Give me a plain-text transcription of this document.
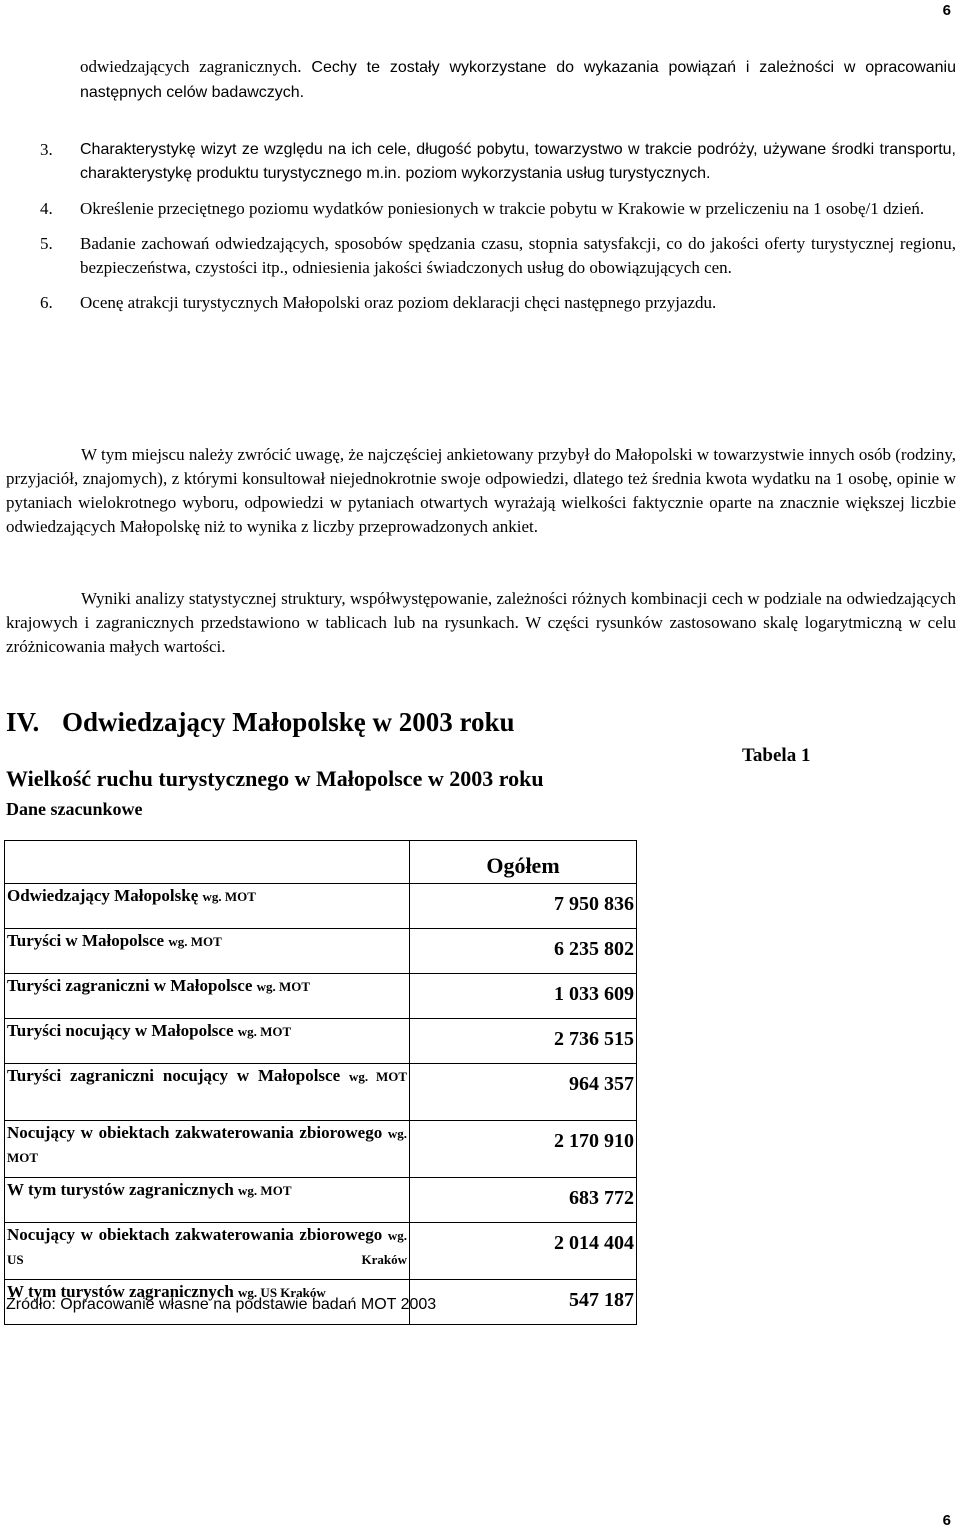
6
odwiedzających zagranicznych. Cechy te zostały wykorzystane do wykazania powiązań i zależności w opracowaniu następnych celów badawczych.
3.	Charakterystykę wizyt ze względu na ich cele, długość pobytu, towarzystwo w trakcie podróży, używane środki transportu, charakterystykę produktu turystycznego m.in. poziom wykorzystania usług turystycznych.
4.	Określenie przeciętnego poziomu wydatków poniesionych w trakcie pobytu w Krakowie w przeliczeniu na 1 osobę/1 dzień.
5.	Badanie zachowań odwiedzających, sposobów spędzania czasu, stopnia satysfakcji, co do jakości oferty turystycznej regionu, bezpieczeństwa, czystości itp., odniesienia jakości świadczonych usług do obowiązujących cen.
6.	Ocenę atrakcji turystycznych Małopolski oraz poziom deklaracji chęci następnego przyjazdu.

W tym miejscu należy zwrócić uwagę, że najczęściej ankietowany przybył do Małopolski w towarzystwie innych osób (rodziny, przyjaciół, znajomych), z którymi konsultował niejednokrotnie swoje odpowiedzi, dlatego też średnia kwota wydatku na 1 osobę, opinie w pytaniach wielokrotnego wyboru, odpowiedzi w pytaniach otwartych wyrażają wielkości faktycznie oparte na znacznie większej liczbie odwiedzających Małopolskę niż to wynika z liczby przeprowadzonych ankiet.

Wyniki analizy statystycznej struktury, współwystępowanie, zależności różnych kombinacji cech w podziale na odwiedzających krajowych i zagranicznych przedstawiono w tablicach lub na rysunkach. W części rysunków zastosowano skalę logarytmiczną w celu zróżnicowania małych wartości.

IV. Odwiedzający Małopolskę w 2003 roku
Tabela 1
Wielkość ruchu turystycznego w Małopolsce w 2003 roku
Dane szacunkowe
	Ogółem
Odwiedzający Małopolskę wg. MOT	7 950 836
Turyści w Małopolsce wg. MOT	6 235 802
Turyści zagraniczni w Małopolsce wg. MOT	1 033 609
Turyści nocujący w Małopolsce wg. MOT	2 736 515
Turyści zagraniczni nocujący w Małopolsce wg. MOT	964 357
Nocujący w obiektach zakwaterowania zbiorowego wg. MOT	2 170 910
W tym turystów zagranicznych wg. MOT	683 772
Nocujący w obiektach zakwaterowania zbiorowego wg. US Kraków	2 014 404
W tym turystów zagranicznych wg. US Kraków	547 187
Źródło: Opracowanie własne na podstawie badań MOT 2003
6
